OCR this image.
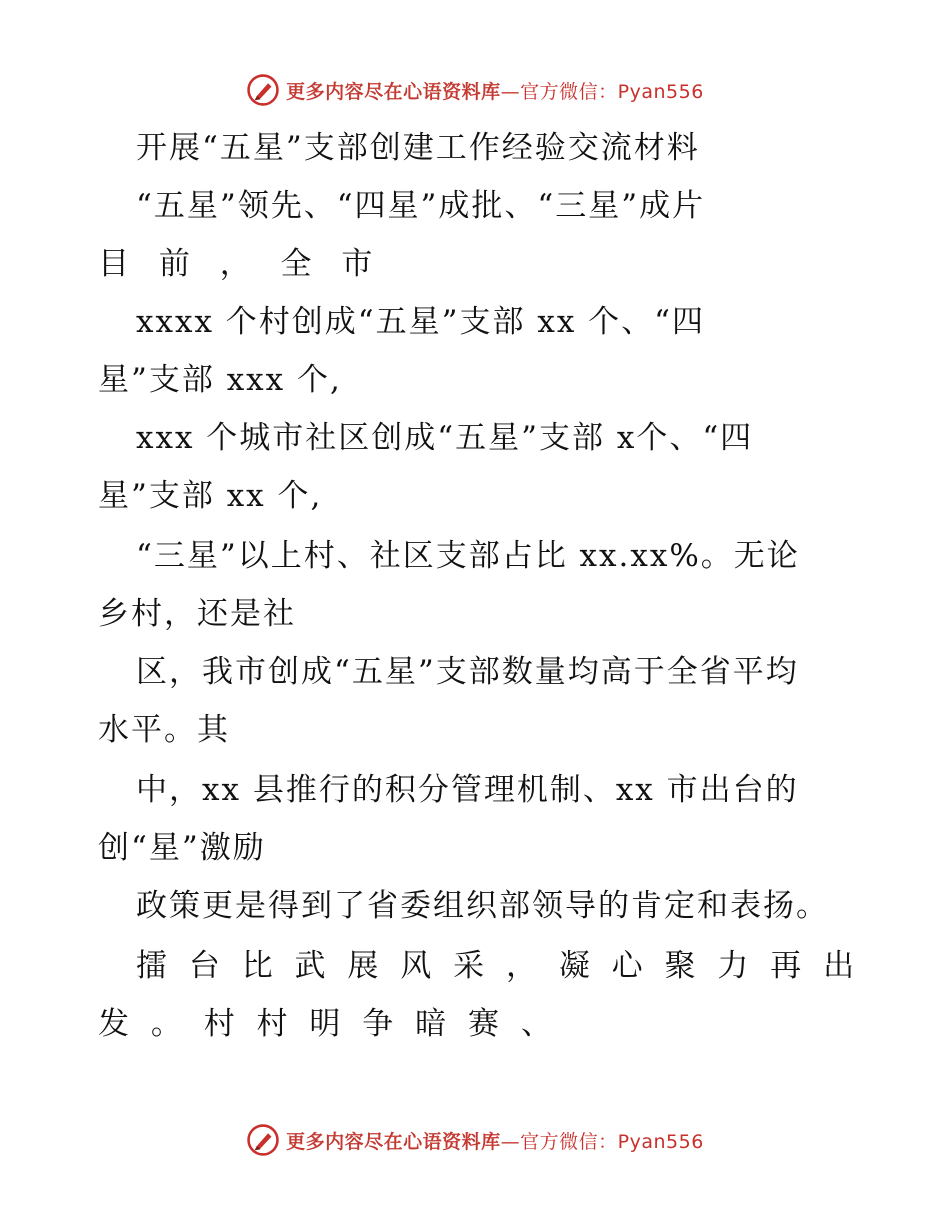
更多内容尽在心语资料库—官方微信：Pyan556
开展“五星”支部创建工作经验交流材料
“五星”领先、“四星”成批、“三星”成片
目 前 ， 全 市
xxxx 个村创成“五星”支部 xx 个、“四
星”支部 xxx 个,
xxx 个城市社区创成“五星”支部 x个、“四
星”支部 xx 个,
“三星”以上村、社区支部占比 xx.xx%。无论
乡村，还是社
区，我市创成“五星”支部数量均高于全省平均
水平。其
中，xx 县推行的积分管理机制、xx 市出台的
创“星”激励
政策更是得到了省委组织部领导的肯定和表扬。
擂 台 比 武 展 风 采 ， 凝 心 聚 力 再 出
发 。 村 村 明 争 暗 赛 、
更多内容尽在心语资料库—官方微信：Pyan556
